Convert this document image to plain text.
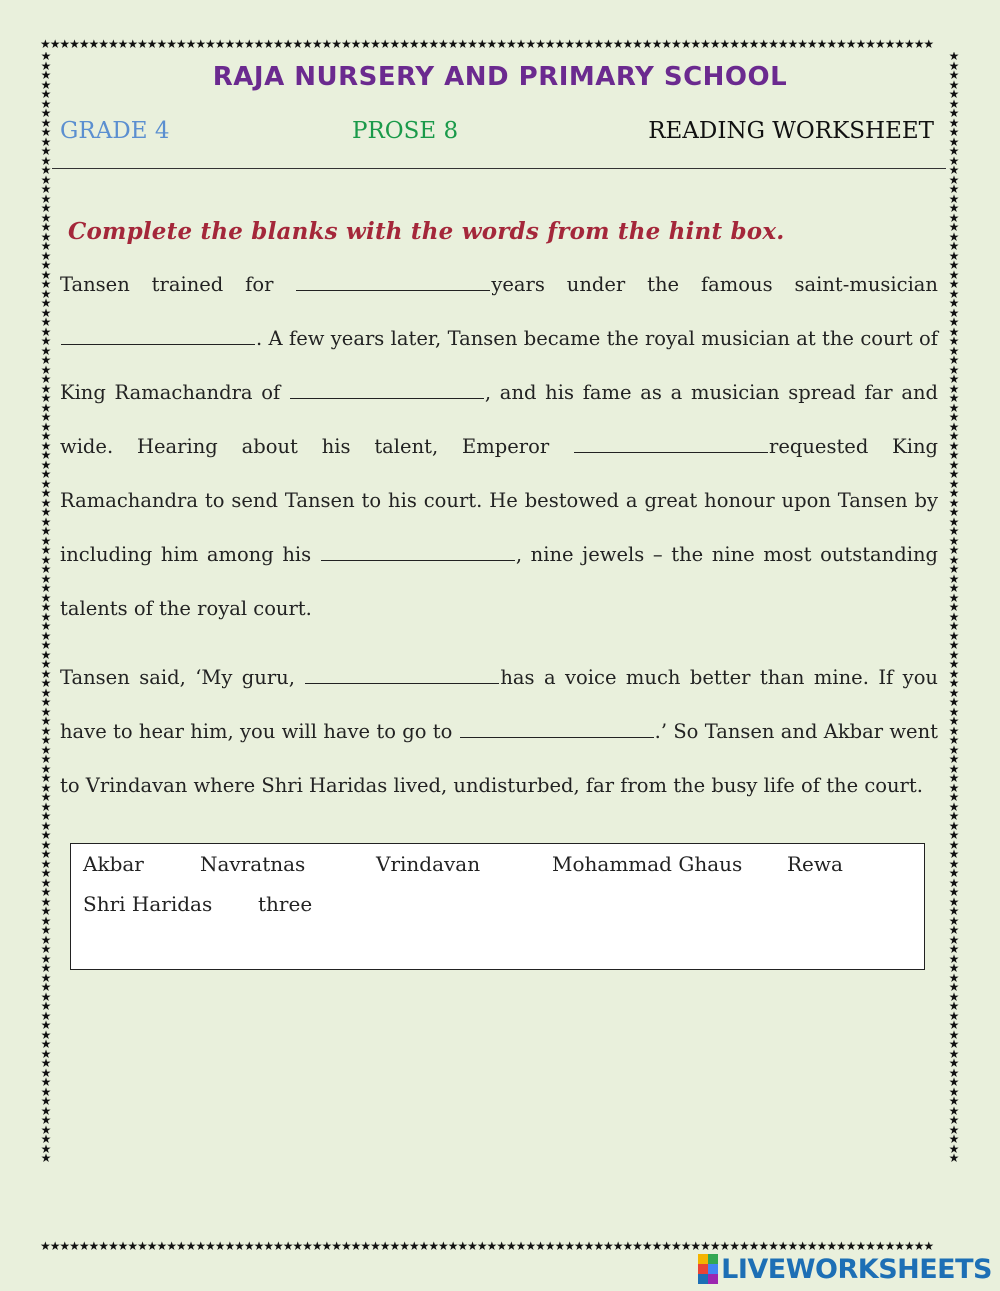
★★★★★★★★★★★★★★★★★★★★★★★★★★★★★★★★★★★★★★★★★★★★★★★★★★★★★★★★★★★★★★★★★★★★★★★★★★★★★★★★★★★★★★★★★★★★
★★★★★★★★★★★★★★★★★★★★★★★★★★★★★★★★★★★★★★★★★★★★★★★★★★★★★★★★★★★★★★★★★★★★★★★★★★★★★★★★★★★★★★★★★★★★
★★★★★★★★★★★★★★★★★★★★★★★★★★★★★★★★★★★★★★★★★★★★★★★★★★★★★★★★★★★★★★★★★★★★★★★★★★★★★★★★★★★★★★★★★★★★★★★★★★★★★★★★★★★★★★★★★★★★★
★★★★★★★★★★★★★★★★★★★★★★★★★★★★★★★★★★★★★★★★★★★★★★★★★★★★★★★★★★★★★★★★★★★★★★★★★★★★★★★★★★★★★★★★★★★★★★★★★★★★★★★★★★★★★★★★★★★★★
RAJA NURSERY AND PRIMARY SCHOOL
GRADE 4	PROSE 8	READING WORKSHEET
Complete the blanks with the words from the hint box.
Tansen trained for	years under the famous saint-musician. A few years later, Tansen became the royal musician at the court of King Ramachandra of	, and his fame as a musician spread far and wide. Hearing about his talent, Emperor	requested King Ramachandra to send Tansen to his court. He bestowed a great honour upon Tansen by including him among his	, nine jewels – the nine most outstanding talents of the royal court.
Tansen said, ‘My guru,	has a voice much better than mine. If you have to hear him, you will have to go to	.’ So Tansen and Akbar went to Vrindavan where Shri Haridas lived, undisturbed, far from the busy life of the court.
Akbar	Navratnas	Vrindavan	Mohammad Ghaus Rewa
Shri Haridas three
LIVEWORKSHEETS
